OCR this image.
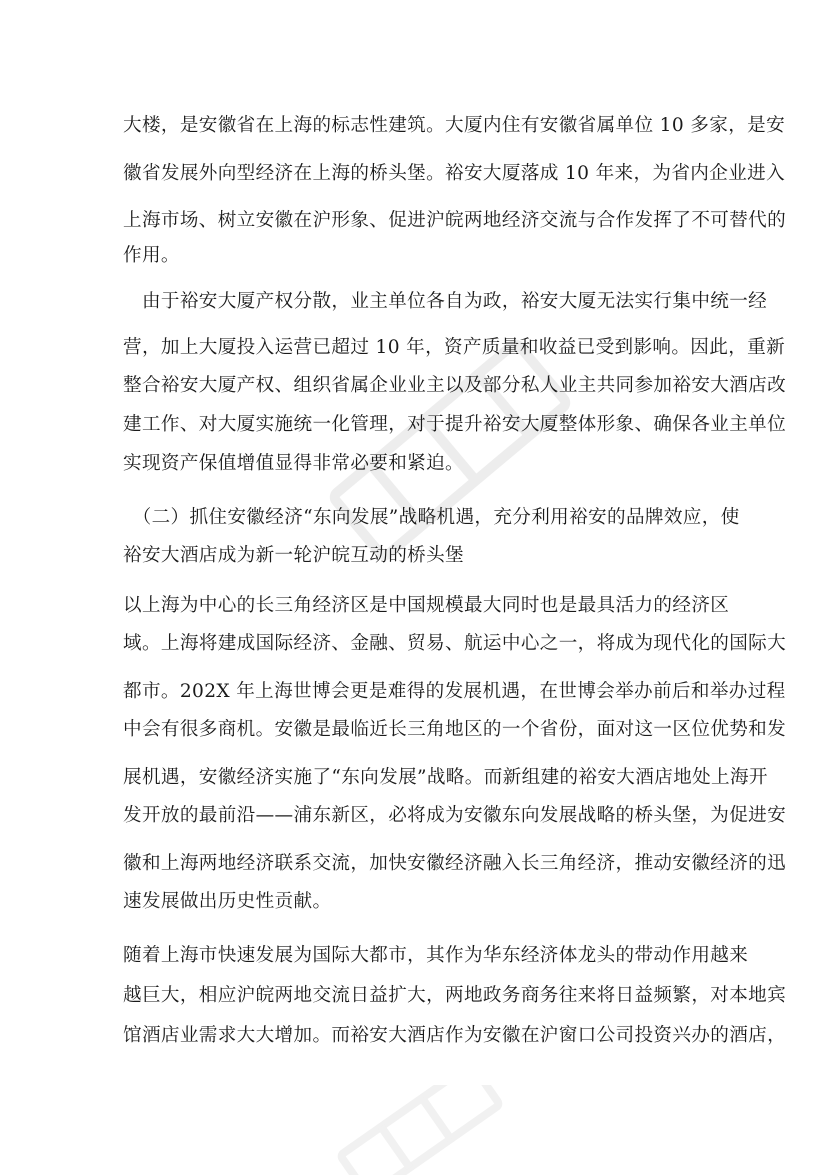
大楼，是安徽省在上海的标志性建筑。大厦内住有安徽省属单位 10 多家，是安
徽省发展外向型经济在上海的桥头堡。裕安大厦落成 10 年来，为省内企业进入
上海市场、树立安徽在沪形象、促进沪皖两地经济交流与合作发挥了不可替代的
作用。
　由于裕安大厦产权分散，业主单位各自为政，裕安大厦无法实行集中统一经
营，加上大厦投入运营已超过 10 年，资产质量和收益已受到影响。因此，重新
整合裕安大厦产权、组织省属企业业主以及部分私人业主共同参加裕安大酒店改
建工作、对大厦实施统一化管理，对于提升裕安大厦整体形象、确保各业主单位
实现资产保值增值显得非常必要和紧迫。
　（二）抓住安徽经济“东向发展”战略机遇，充分利用裕安的品牌效应，使
裕安大酒店成为新一轮沪皖互动的桥头堡
以上海为中心的长三角经济区是中国规模最大同时也是最具活力的经济区
域。上海将建成国际经济、金融、贸易、航运中心之一，将成为现代化的国际大
都市。202X 年上海世博会更是难得的发展机遇，在世博会举办前后和举办过程
中会有很多商机。安徽是最临近长三角地区的一个省份，面对这一区位优势和发
展机遇，安徽经济实施了“东向发展”战略。而新组建的裕安大酒店地处上海开
发开放的最前沿——浦东新区，必将成为安徽东向发展战略的桥头堡，为促进安
徽和上海两地经济联系交流，加快安徽经济融入长三角经济，推动安徽经济的迅
速发展做出历史性贡献。
随着上海市快速发展为国际大都市，其作为华东经济体龙头的带动作用越来
越巨大，相应沪皖两地交流日益扩大，两地政务商务往来将日益频繁，对本地宾
馆酒店业需求大大增加。而裕安大酒店作为安徽在沪窗口公司投资兴办的酒店，
